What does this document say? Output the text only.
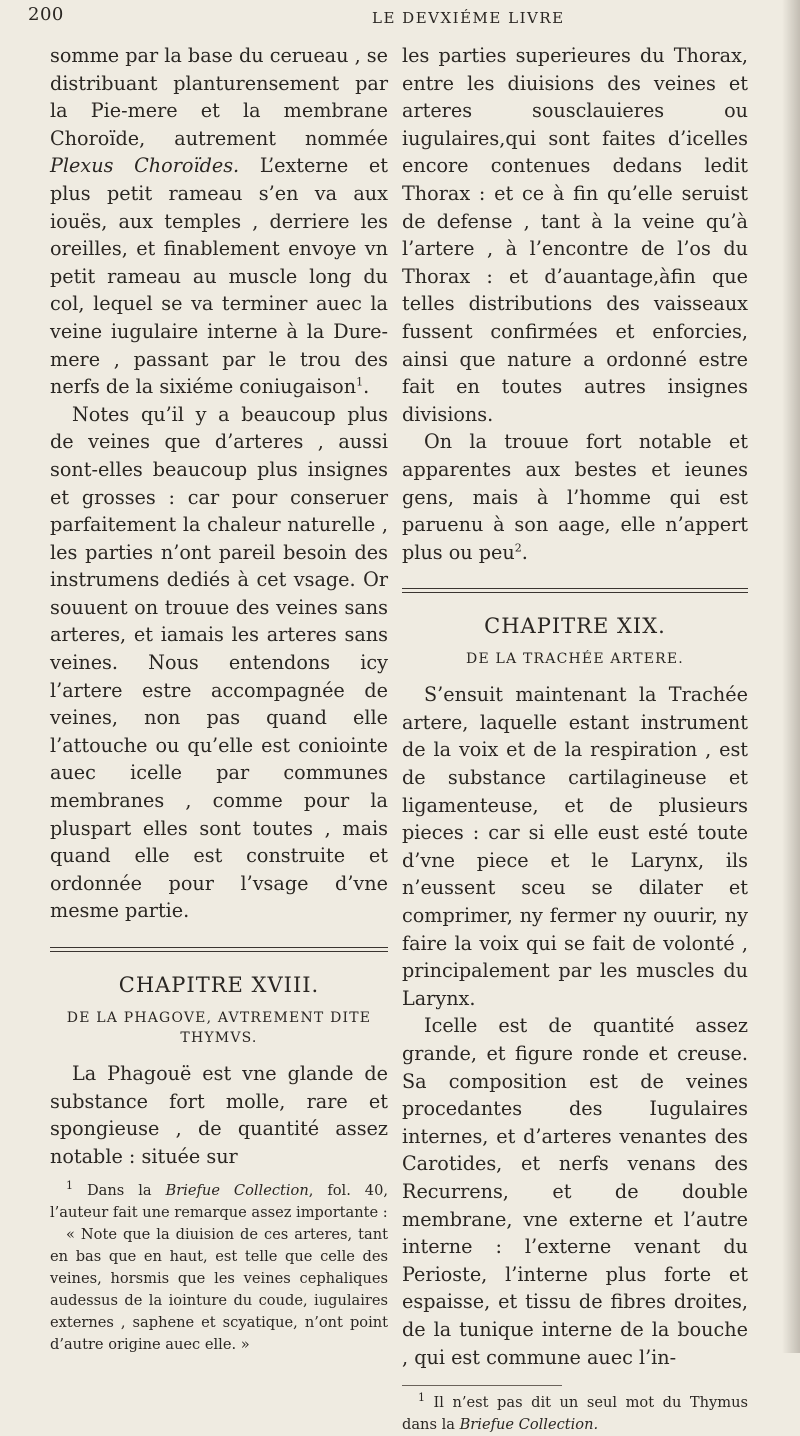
200	LE DEVXIÉME LIVRE

somme par la base du cerueau , se distribuant planturensement par la Pie-mere et la membrane Choroïde, autrement nommée Plexus Choroïdes. L’externe et plus petit rameau s’en va aux iouës, aux temples , derriere les oreilles, et finablement envoye vn petit rameau au muscle long du col, lequel se va terminer auec la veine iugulaire interne à la Dure-mere , passant par le trou des nerfs de la sixiéme coniugaison$^1$.

Notes qu’il y a beaucoup plus de veines que d’arteres , aussi sont-elles beaucoup plus insignes et grosses : car pour conseruer parfaitement la chaleur naturelle , les parties n’ont pareil besoin des instrumens dediés à cet vsage. Or souuent on trouue des veines sans arteres, et iamais les arteres sans veines. Nous entendons icy l’artere estre accompagnée de veines, non pas quand elle l’attouche ou qu’elle est coniointe auec icelle par communes membranes , comme pour la pluspart elles sont toutes , mais quand elle est construite et ordonnée pour l’vsage d’vne mesme partie.

CHAPITRE XVIII.
DE LA PHAGOVE, AVTREMENT DITE THYMVS.

La Phagouë est vne glande de substance fort molle, rare et spongieuse , de quantité assez notable : située sur

$^1$ Dans la Briefue Collection, fol. 40, l’auteur fait une remarque assez importante :

« Note que la diuision de ces arteres, tant en bas que en haut, est telle que celle des veines, horsmis que les veines cephaliques audessus de la iointure du coude, iugulaires externes , saphene et scyatique, n’ont point d’autre origine auec elle. »

les parties superieures du Thorax, entre les diuisions des veines et arteres sousclauieres ou iugulaires,qui sont faites d’icelles encore contenues dedans ledit Thorax : et ce à fin qu’elle seruist de defense , tant à la veine qu’à l’artere , à l’encontre de l’os du Thorax : et d’auantage,àfin que telles distributions des vaisseaux fussent confirmées et enforcies, ainsi que nature a ordonné estre fait en toutes autres insignes divisions.

On la trouue fort notable et apparentes aux bestes et ieunes gens, mais à l’homme qui est paruenu à son aage, elle n’appert plus ou peu$^2$.

CHAPITRE XIX.
DE LA TRACHÉE ARTERE.

S’ensuit maintenant la Trachée artere, laquelle estant instrument de la voix et de la respiration , est de substance cartilagineuse et ligamenteuse, et de plusieurs pieces : car si elle eust esté toute d’vne piece et le Larynx, ils n’eussent sceu se dilater et comprimer, ny fermer ny ouurir, ny faire la voix qui se fait de volonté , principalement par les muscles du Larynx.

Icelle est de quantité assez grande, et figure ronde et creuse. Sa composition est de veines procedantes des Iugulaires internes, et d’arteres venantes des Carotides, et nerfs venans des Recurrens, et de double membrane, vne externe et l’autre interne : l’externe venant du Perioste, l’interne plus forte et espaisse, et tissu de fibres droites, de la tunique interne de la bouche , qui est commune auec l’in-

$^1$ Il n’est pas dit un seul mot du Thymus dans la Briefue Collection.
